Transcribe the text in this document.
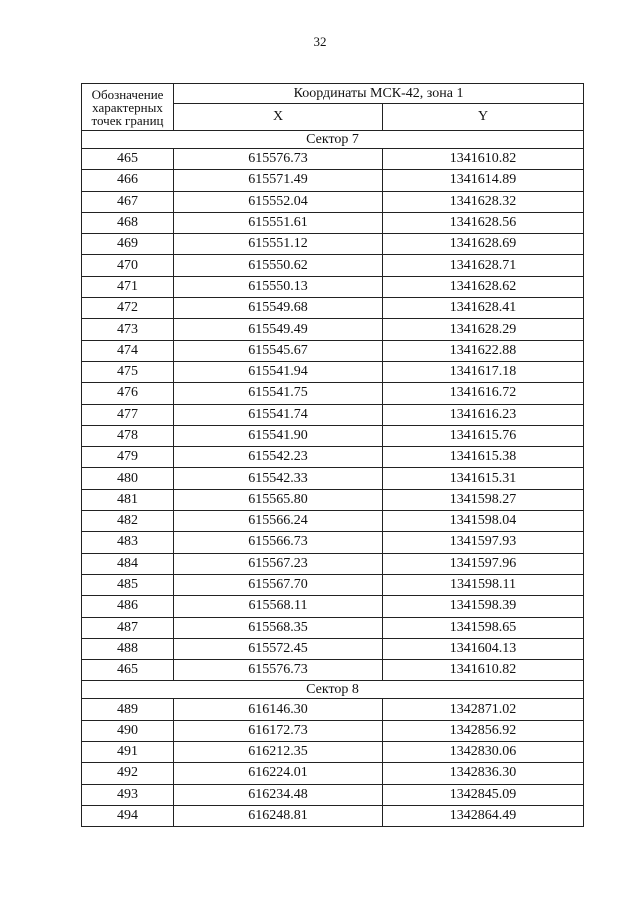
32
Обозначение характерных точек границ	Координаты МСК-42, зона 1	
	X	Y
Сектор 7		
465	615576.73	1341610.82
466	615571.49	1341614.89
467	615552.04	1341628.32
468	615551.61	1341628.56
469	615551.12	1341628.69
470	615550.62	1341628.71
471	615550.13	1341628.62
472	615549.68	1341628.41
473	615549.49	1341628.29
474	615545.67	1341622.88
475	615541.94	1341617.18
476	615541.75	1341616.72
477	615541.74	1341616.23
478	615541.90	1341615.76
479	615542.23	1341615.38
480	615542.33	1341615.31
481	615565.80	1341598.27
482	615566.24	1341598.04
483	615566.73	1341597.93
484	615567.23	1341597.96
485	615567.70	1341598.11
486	615568.11	1341598.39
487	615568.35	1341598.65
488	615572.45	1341604.13
465	615576.73	1341610.82
Сектор 8		
489	616146.30	1342871.02
490	616172.73	1342856.92
491	616212.35	1342830.06
492	616224.01	1342836.30
493	616234.48	1342845.09
494	616248.81	1342864.49
